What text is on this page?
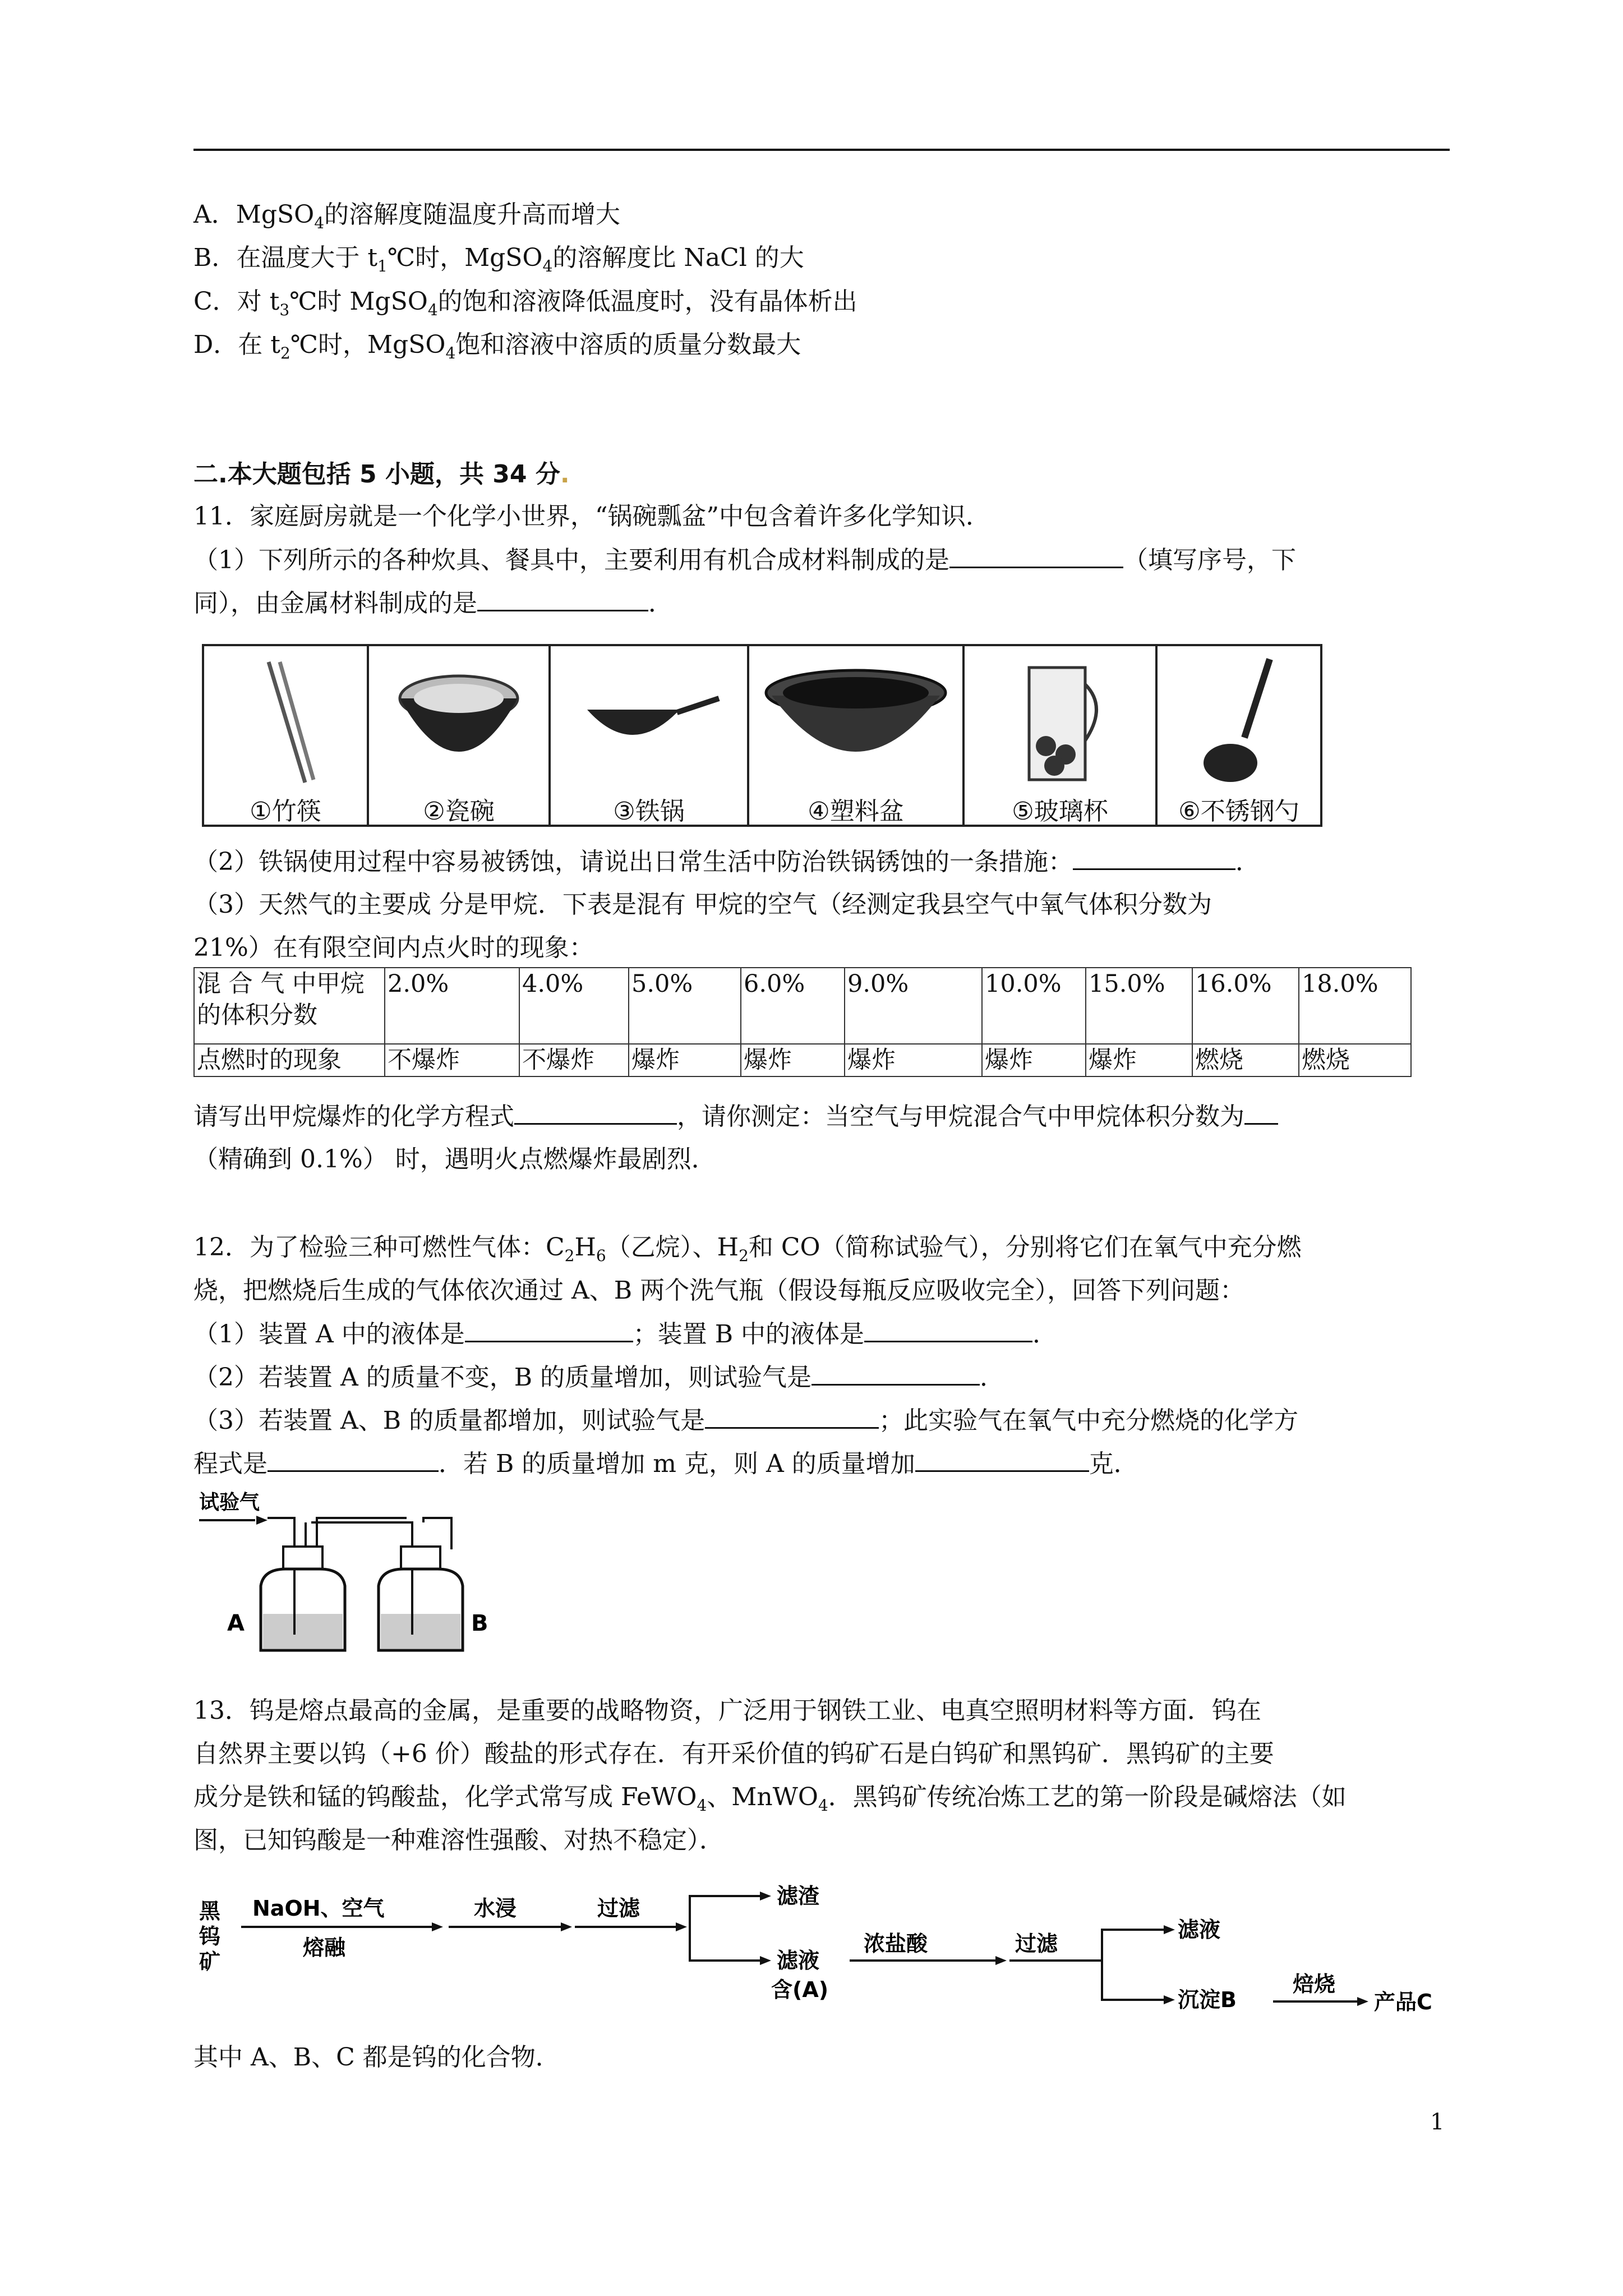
A．MgSO$_4$的溶解度随温度升高而增大
B．在温度大于 $t_1℃$时，MgSO$_4$的溶解度比 NaCl 的大
C．对 $t_3℃$时 MgSO$_4$的饱和溶液降低温度时，没有晶体析出
D．在 $t_2℃$时，MgSO$_4$饱和溶液中溶质的质量分数最大
二.本大题包括 5 小题，共 34 分.
11．家庭厨房就是一个化学小世界，“锅碗瓢盆”中包含着许多化学知识．
（1）下列所示的各种炊具、餐具中，主要利用有机合成材料制成的是	（填写序号，下
同），由金属材料制成的是	．
①竹筷	②瓷碗	③铁锅	④塑料盆	⑤玻璃杯	⑥不锈钢勺
（2）铁锅使用过程中容易被锈蚀，请说出日常生活中防治铁锅锈蚀的一条措施：	．
（3）天然气的主要成 分是甲烷．下表是混有 甲烷的空气（经测定我县空气中氧气体积分数为
21%）在有限空间内点火时的现象：
混 合 气 中甲烷
的体积分数	2.0%	4.0%	5.0%	6.0%	9.0%	10.0%	15.0%	16.0%	18.0%
点燃时的现象	不爆炸	不爆炸	爆炸	爆炸	爆炸	爆炸	爆炸	燃烧	燃烧
请写出甲烷爆炸的化学方程式	，请你测定：当空气与甲烷混合气中甲烷体积分数为
（精确到 0.1%） 时，遇明火点燃爆炸最剧烈．
12．为了检验三种可燃性气体：$C_2H_6$（乙烷）、$H_2$和 CO（简称试验气），分别将它们在氧气中充分燃
烧，把燃烧后生成的气体依次通过 A、B 两个洗气瓶（假设每瓶反应吸收完全），回答下列问题：
（1）装置 A 中的液体是	；装置 B 中的液体是	．
（2）若装置 A 的质量不变，B 的质量增加，则试验气是	．
（3）若装置 A、B 的质量都增加，则试验气是	；此实验气在氧气中充分燃烧的化学方
程式是	．若 B 的质量增加 m 克，则 A 的质量增加	克．
试验气
A	B
13．钨是熔点最高的金属，是重要的战略物资，广泛用于钢铁工业、电真空照明材料等方面．钨在
自然界主要以钨（+6 价）酸盐的形式存在．有开采价值的钨矿石是白钨矿和黑钨矿．黑钨矿的主要
成分是铁和锰的钨酸盐，化学式常写成 FeWO$_4$、MnWO$_4$．黑钨矿传统冶炼工艺的第一阶段是碱熔法（如
图，已知钨酸是一种难溶性强酸、对热不稳定）．
黑
钨
矿
NaOH、空气
熔融
水浸	过滤	滤渣
滤液
含(A)
浓盐酸	过滤
滤液
沉淀B
焙烧
产品C
其中 A、B、C 都是钨的化合物．
1
